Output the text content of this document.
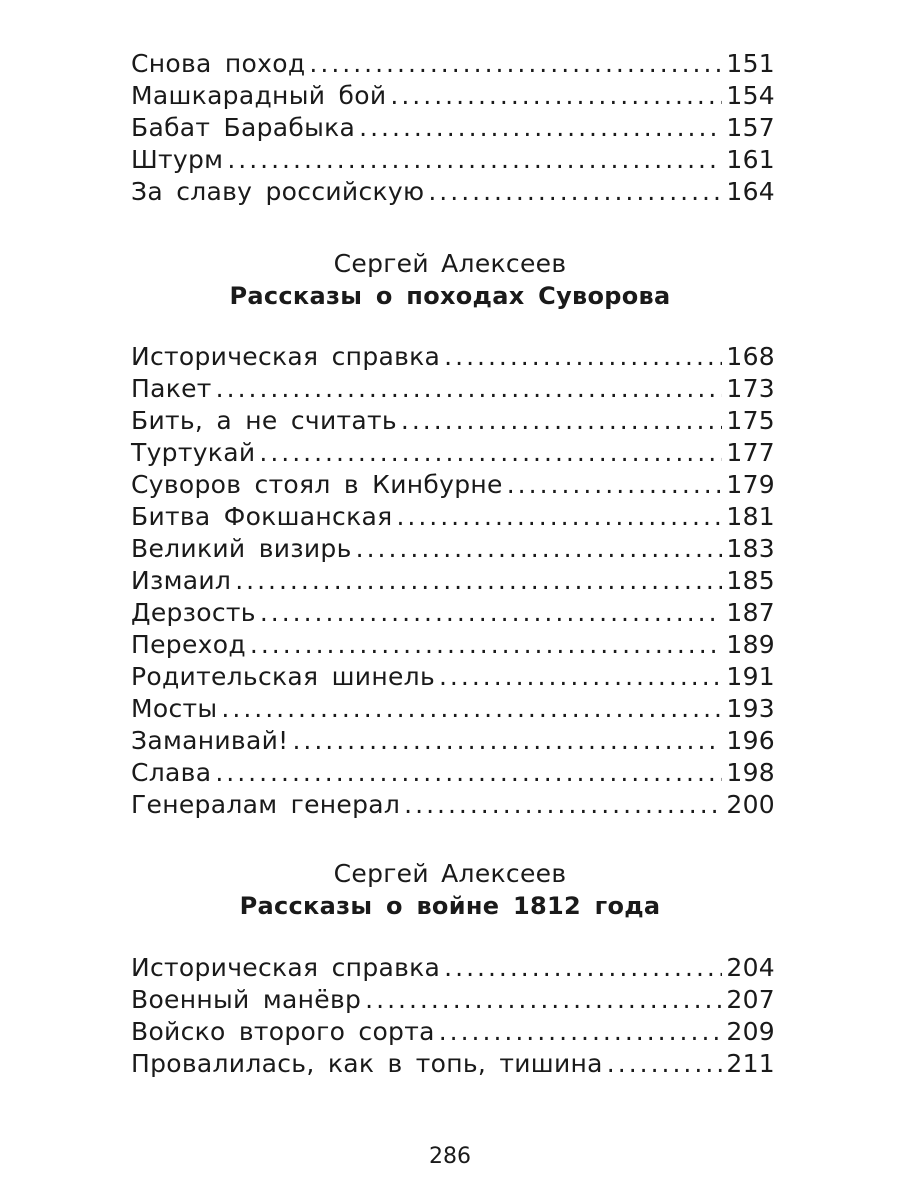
Снова поход .....	151
Машкарадный бой .....	154
Бабат Барабыка .....	157
Штурм .....	161
За славу российскую .....	164
Сергей Алексеев
Рассказы о походах Суворова
Историческая справка .....	168
Пакет .....	173
Бить, а не считать .....	175
Туртукай .....	177
Суворов стоял в Кинбурне .....	179
Битва Фокшанская .....	181
Великий визирь .....	183
Измаил .....	185
Дерзость .....	187
Переход .....	189
Родительская шинель .....	191
Мосты .....	193
Заманивай! .....	196
Слава .....	198
Генералам генерал .....	200
Сергей Алексеев
Рассказы о войне 1812 года
Историческая справка .....	204
Военный манёвр .....	207
Войско второго сорта .....	209
Провалилась, как в топь, тишина .....	211
286
